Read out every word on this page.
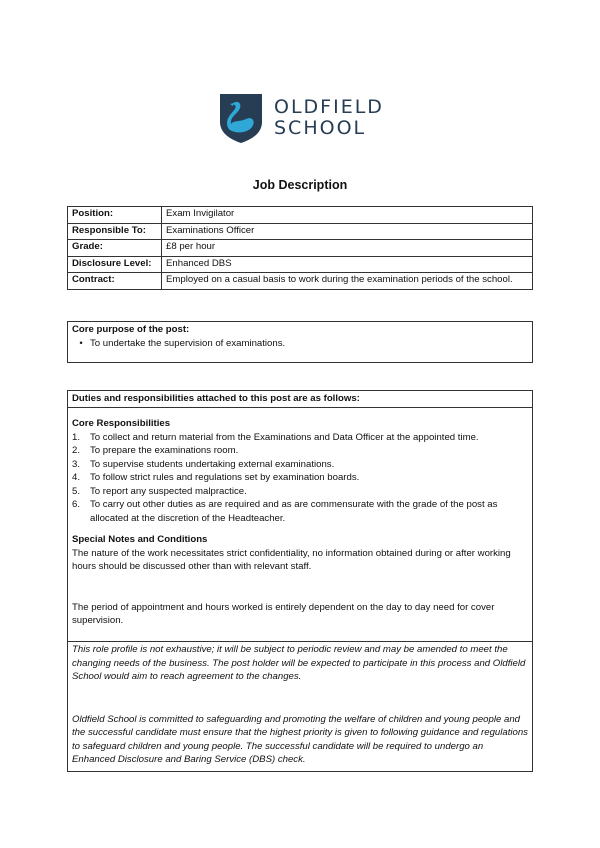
OLDFIELD
SCHOOL
Job Description
Position:	Exam Invigilator
Responsible To:	Examinations Officer
Grade:	£8 per hour
Disclosure Level:	Enhanced DBS
Contract:	Employed on a casual basis to work during the examination periods of the school.
Core purpose of the post:
• To undertake the supervision of examinations.
Duties and responsibilities attached to this post are as follows:
Core Responsibilities
1.	To collect and return material from the Examinations and Data Officer at the appointed time.
2.	To prepare the examinations room.
3.	To supervise students undertaking external examinations.
4.	To follow strict rules and regulations set by examination boards.
5.	To report any suspected malpractice.
6.	To carry out other duties as are required and as are commensurate with the grade of the post as allocated at the discretion of the Headteacher.
Special Notes and Conditions
The nature of the work necessitates strict confidentiality, no information obtained during or after working hours should be discussed other than with relevant staff.
The period of appointment and hours worked is entirely dependent on the day to day need for cover supervision.
This role profile is not exhaustive; it will be subject to periodic review and may be amended to meet the changing needs of the business. The post holder will be expected to participate in this process and Oldfield School would aim to reach agreement to the changes.
Oldfield School is committed to safeguarding and promoting the welfare of children and young people and the successful candidate must ensure that the highest priority is given to following guidance and regulations to safeguard children and young people. The successful candidate will be required to undergo an Enhanced Disclosure and Baring Service (DBS) check.
